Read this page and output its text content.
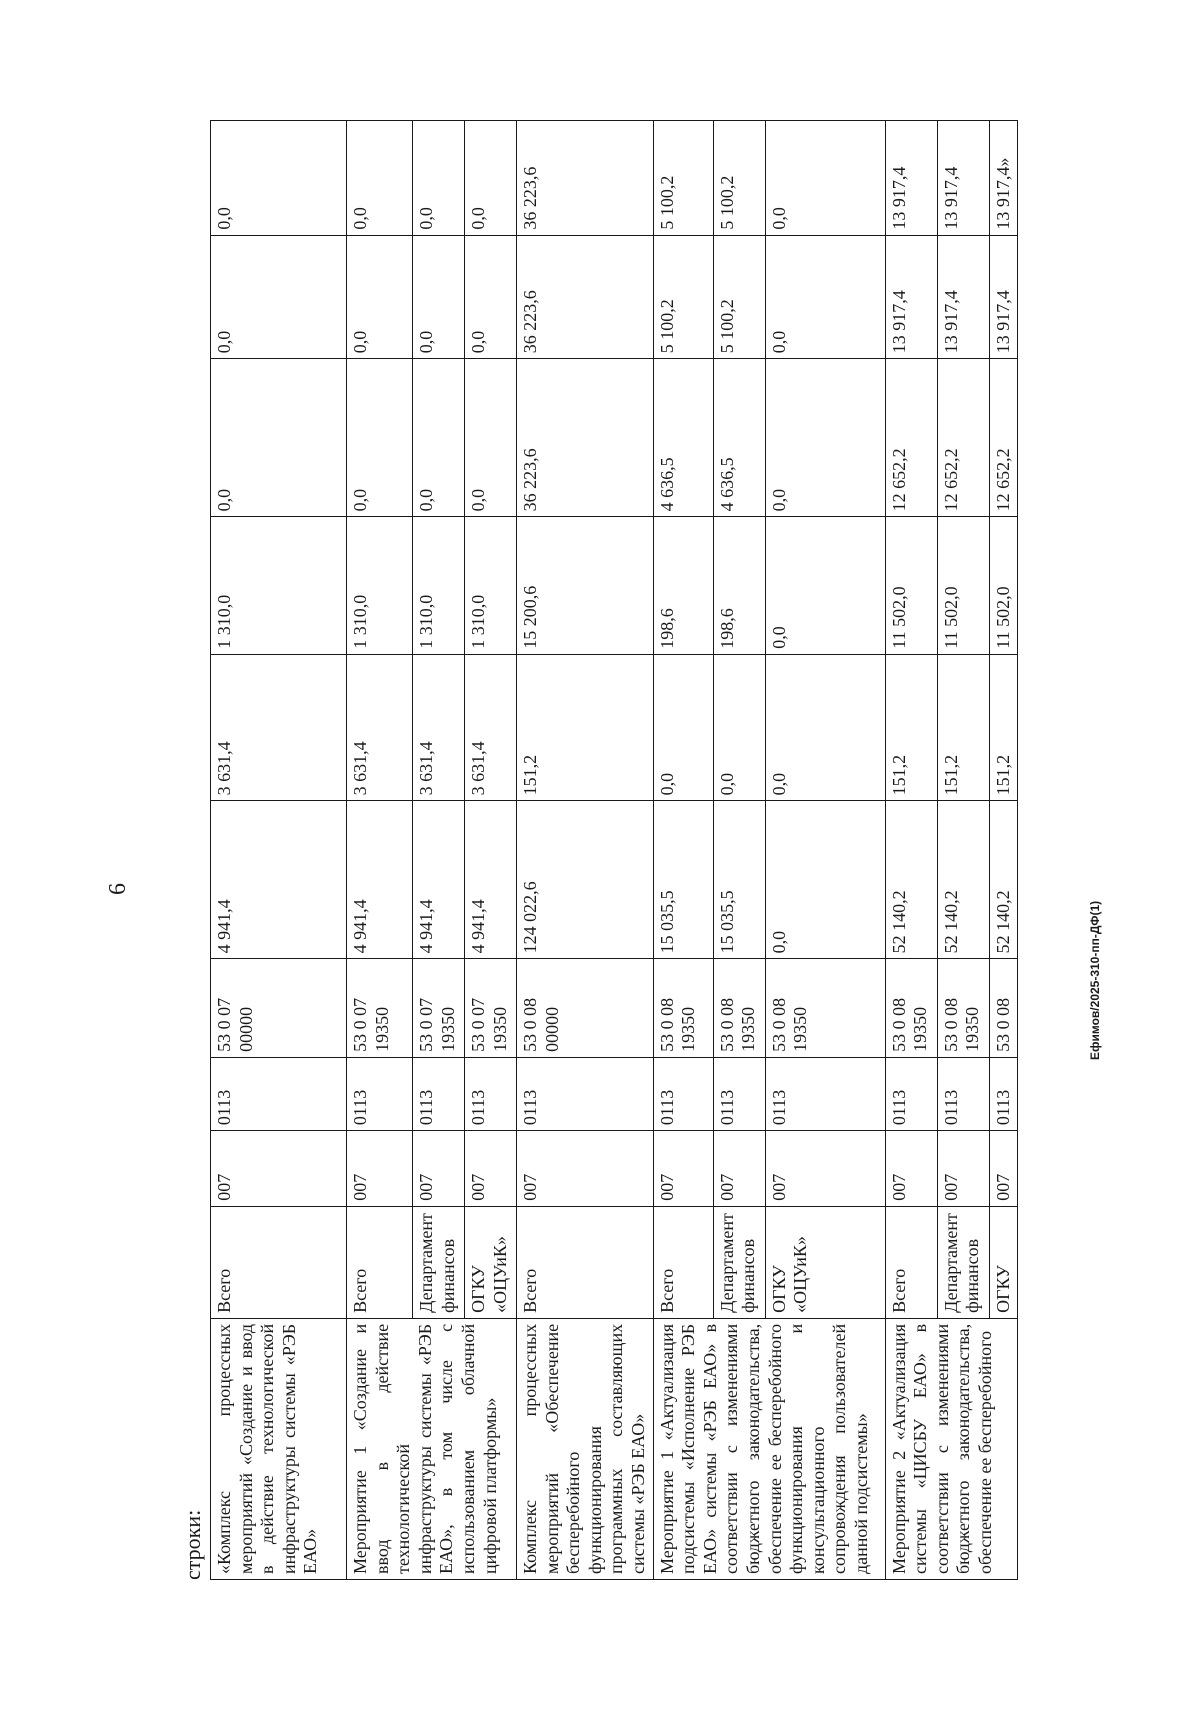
6
строки: «Комплекс процессных мероприятий «Создание и ввод в действие технологической инфраструктуры системы «РЭБ ЕАО»	Всего	007	0113	53 0 07 00000	4 941,4	3 631,4	1 310,0	0,0	0,0	0,0
Мероприятие 1 «Создание и ввод в действие технологической инфраструктуры системы «РЭБ ЕАО», в том числе с использованием облачной цифровой платформы»	Всего	007	0113	53 0 07 19350	4 941,4	3 631,4	1 310,0	0,0	0,0	0,0
	Департамент финансов	007	0113	53 0 07 19350	4 941,4	3 631,4	1 310,0	0,0	0,0	0,0
	ОГКУ «ОЦУиК»	007	0113	53 0 07 19350	4 941,4	3 631,4	1 310,0	0,0	0,0	0,0
Комплекс процессных мероприятий «Обеспечение бесперебойного функционирования программных составляющих системы «РЭБ ЕАО»	Всего	007	0113	53 0 08 00000	124 022,6	151,2	15 200,6	36 223,6	36 223,6	36 223,6
Мероприятие 1 «Актуализация подсистемы «Исполнение РЭБ ЕАО» системы «РЭБ ЕАО» в соответствии с изменениями бюджетного законодательства, обеспечение ее бесперебойного функционирования и консультационного сопровождения пользователей данной подсистемы»	Всего	007	0113	53 0 08 19350	15 035,5	0,0	198,6	4 636,5	5 100,2	5 100,2
	Департамент финансов	007	0113	53 0 08 19350	15 035,5	0,0	198,6	4 636,5	5 100,2	5 100,2
	ОГКУ «ОЦУиК»	007	0113	53 0 08 19350	0,0	0,0	0,0	0,0	0,0	0,0
Мероприятие 2 «Актуализация системы «ЦИСБУ ЕАО» в соответствии с изменениями бюджетного законодательства, обеспечение ее бесперебойного	Всего	007	0113	53 0 08 19350	52 140,2	151,2	11 502,0	12 652,2	13 917,4	13 917,4
	Департамент финансов	007	0113	53 0 08 19350	52 140,2	151,2	11 502,0	12 652,2	13 917,4	13 917,4
	ОГКУ	007	0113	53 0 08	52 140,2	151,2	11 502,0	12 652,2	13 917,4	13 917,4»
Ефимов/2025-310-пп-ДФ(1)
